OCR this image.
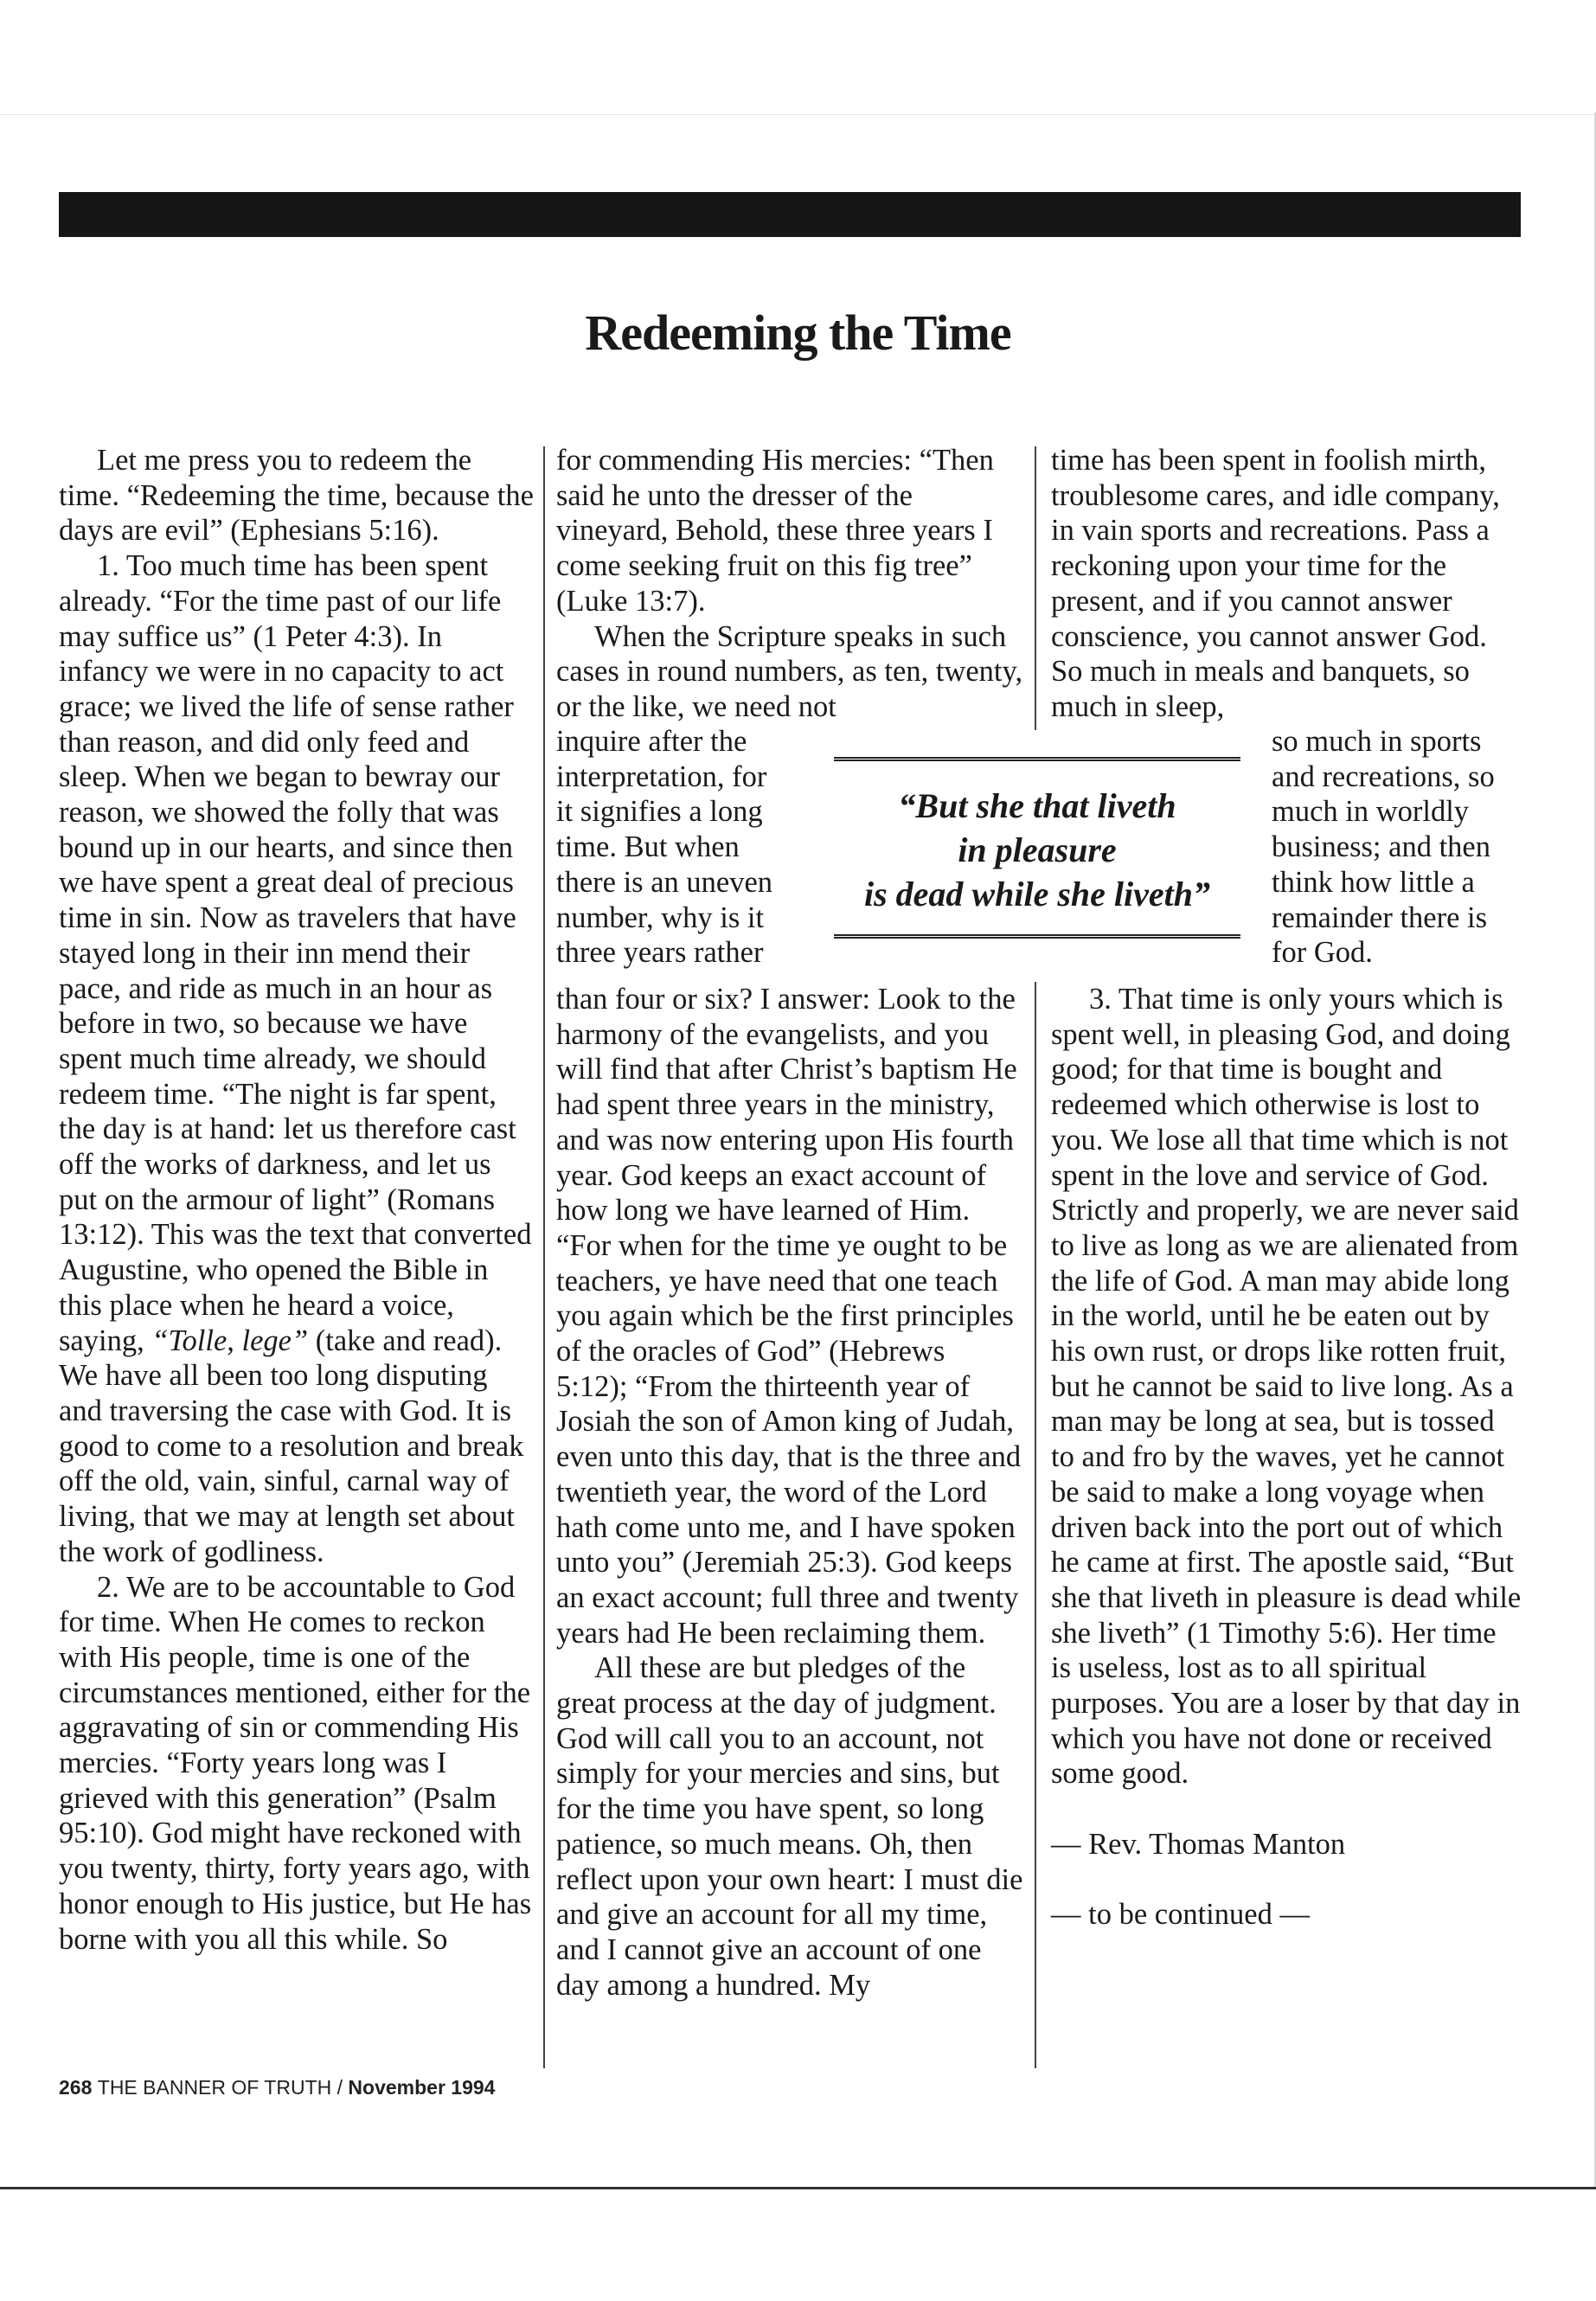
Redeeming the Time

Let me press you to redeem the time. “Redeeming the time, because the days are evil” (Ephesians 5:16).

1. Too much time has been spent already. “For the time past of our life may suffice us” (1 Peter 4:3). In infancy we were in no capacity to act grace; we lived the life of sense rather than reason, and did only feed and sleep. When we began to bewray our reason, we showed the folly that was bound up in our hearts, and since then we have spent a great deal of precious time in sin. Now as travelers that have stayed long in their inn mend their pace, and ride as much in an hour as before in two, so because we have spent much time already, we should redeem time. “The night is far spent, the day is at hand: let us therefore cast off the works of darkness, and let us put on the armour of light” (Romans 13:12). This was the text that converted Augustine, who opened the Bible in this place when he heard a voice, saying, “Tolle, lege” (take and read). We have all been too long disputing and traversing the case with God. It is good to come to a resolution and break off the old, vain, sinful, carnal way of living, that we may at length set about the work of godliness.

2. We are to be accountable to God for time. When He comes to reckon with His people, time is one of the circumstances mentioned, either for the aggravating of sin or commending His mercies. “Forty years long was I grieved with this generation” (Psalm 95:10). God might have reckoned with you twenty, thirty, forty years ago, with honor enough to His justice, but He has borne with you all this while. So

for commending His mercies: “Then said he unto the dresser of the vineyard, Behold, these three years I come seeking fruit on this fig tree” (Luke 13:7).

When the Scripture speaks in such cases in round numbers, as ten, twenty, or the like, we need not

inquire after the
interpretation, for
it signifies a long
time. But when
there is an uneven
number, why is it
three years rather

than four or six? I answer: Look to the harmony of the evangelists, and you will find that after Christ’s baptism He had spent three years in the ministry, and was now entering upon His fourth year. God keeps an exact account of how long we have learned of Him. “For when for the time ye ought to be teachers, ye have need that one teach you again which be the first principles of the oracles of God” (Hebrews 5:12); “From the thirteenth year of Josiah the son of Amon king of Judah, even unto this day, that is the three and twentieth year, the word of the Lord hath come unto me, and I have spoken unto you” (Jeremiah 25:3). God keeps an exact account; full three and twenty years had He been reclaiming them.

All these are but pledges of the great process at the day of judgment. God will call you to an account, not simply for your mercies and sins, but for the time you have spent, so long patience, so much means. Oh, then reflect upon your own heart: I must die and give an account for all my time, and I cannot give an account of one day among a hundred. My

“But she that liveth
in pleasure
is dead while she liveth”

time has been spent in foolish mirth, troublesome cares, and idle company, in vain sports and recreations. Pass a reckoning upon your time for the present, and if you cannot answer conscience, you cannot answer God. So much in meals and banquets, so much in sleep,

so much in sports
and recreations, so
much in worldly
business; and then
think how little a
remainder there is
for God.

3. That time is only yours which is spent well, in pleasing God, and doing good; for that time is bought and redeemed which otherwise is lost to you. We lose all that time which is not spent in the love and service of God. Strictly and properly, we are never said to live as long as we are alienated from the life of God. A man may abide long in the world, until he be eaten out by his own rust, or drops like rotten fruit, but he cannot be said to live long. As a man may be long at sea, but is tossed to and fro by the waves, yet he cannot be said to make a long voyage when driven back into the port out of which he came at first. The apostle said, “But she that liveth in pleasure is dead while she liveth” (1 Timothy 5:6). Her time is useless, lost as to all spiritual purposes. You are a loser by that day in which you have not done or received some good.

— Rev. Thomas Manton

— to be continued —

268 THE BANNER OF TRUTH / November 1994
